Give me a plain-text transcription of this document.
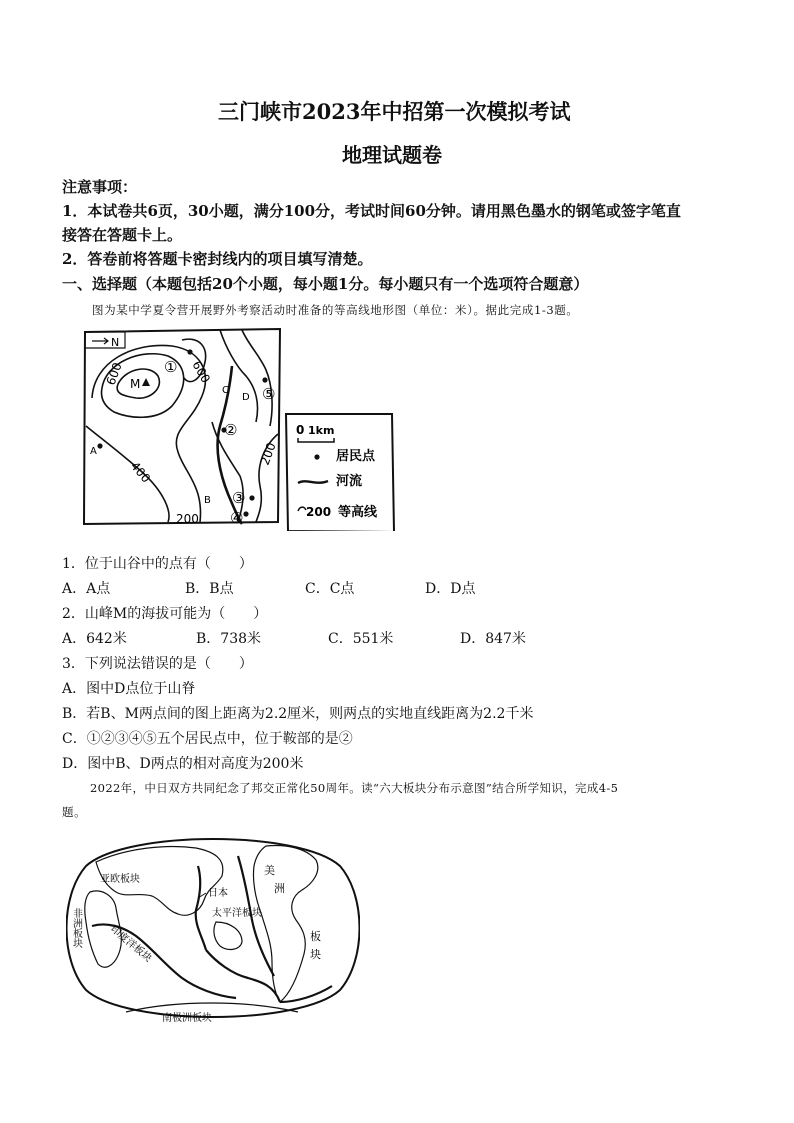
三门峡市2023年中招第一次模拟考试
地理试题卷
注意事项：
1．本试卷共6页，30小题，满分100分，考试时间60分钟。请用黑色墨水的钢笔或签字笔直
接答在答题卡上。
2．答卷前将答题卡密封线内的项目填写清楚。
一、选择题（本题包括20个小题，每小题1分。每小题只有一个选项符合题意）
图为某中学夏令营开展野外考察活动时准备的等高线地形图（单位：米）。据此完成1-3题。
N
600	600
400
200
200
M
A
B
C
D
①
②
③
④
⑤
0 1km
居民点
河流
200 等高线
1．位于山谷中的点有（　　）
A．A点	B．B点	C．C点	D．D点
2．山峰M的海拔可能为（　　）
A．642米	B．738米	C．551米	D．847米
3．下列说法错误的是（　　）
A．图中D点位于山脊
B．若B、M两点间的图上距离为2.2厘米，则两点的实地直线距离为2.2千米
C．①②③④⑤五个居民点中，位于鞍部的是②
D．图中B、D两点的相对高度为200米
2022年，中日双方共同纪念了邦交正常化50周年。读“六大板块分布示意图”结合所学知识，完成4-5
题。
亚欧板块
日本
太平洋板块
非洲板块	印度洋板块
南极洲板块
美
洲
板
块
